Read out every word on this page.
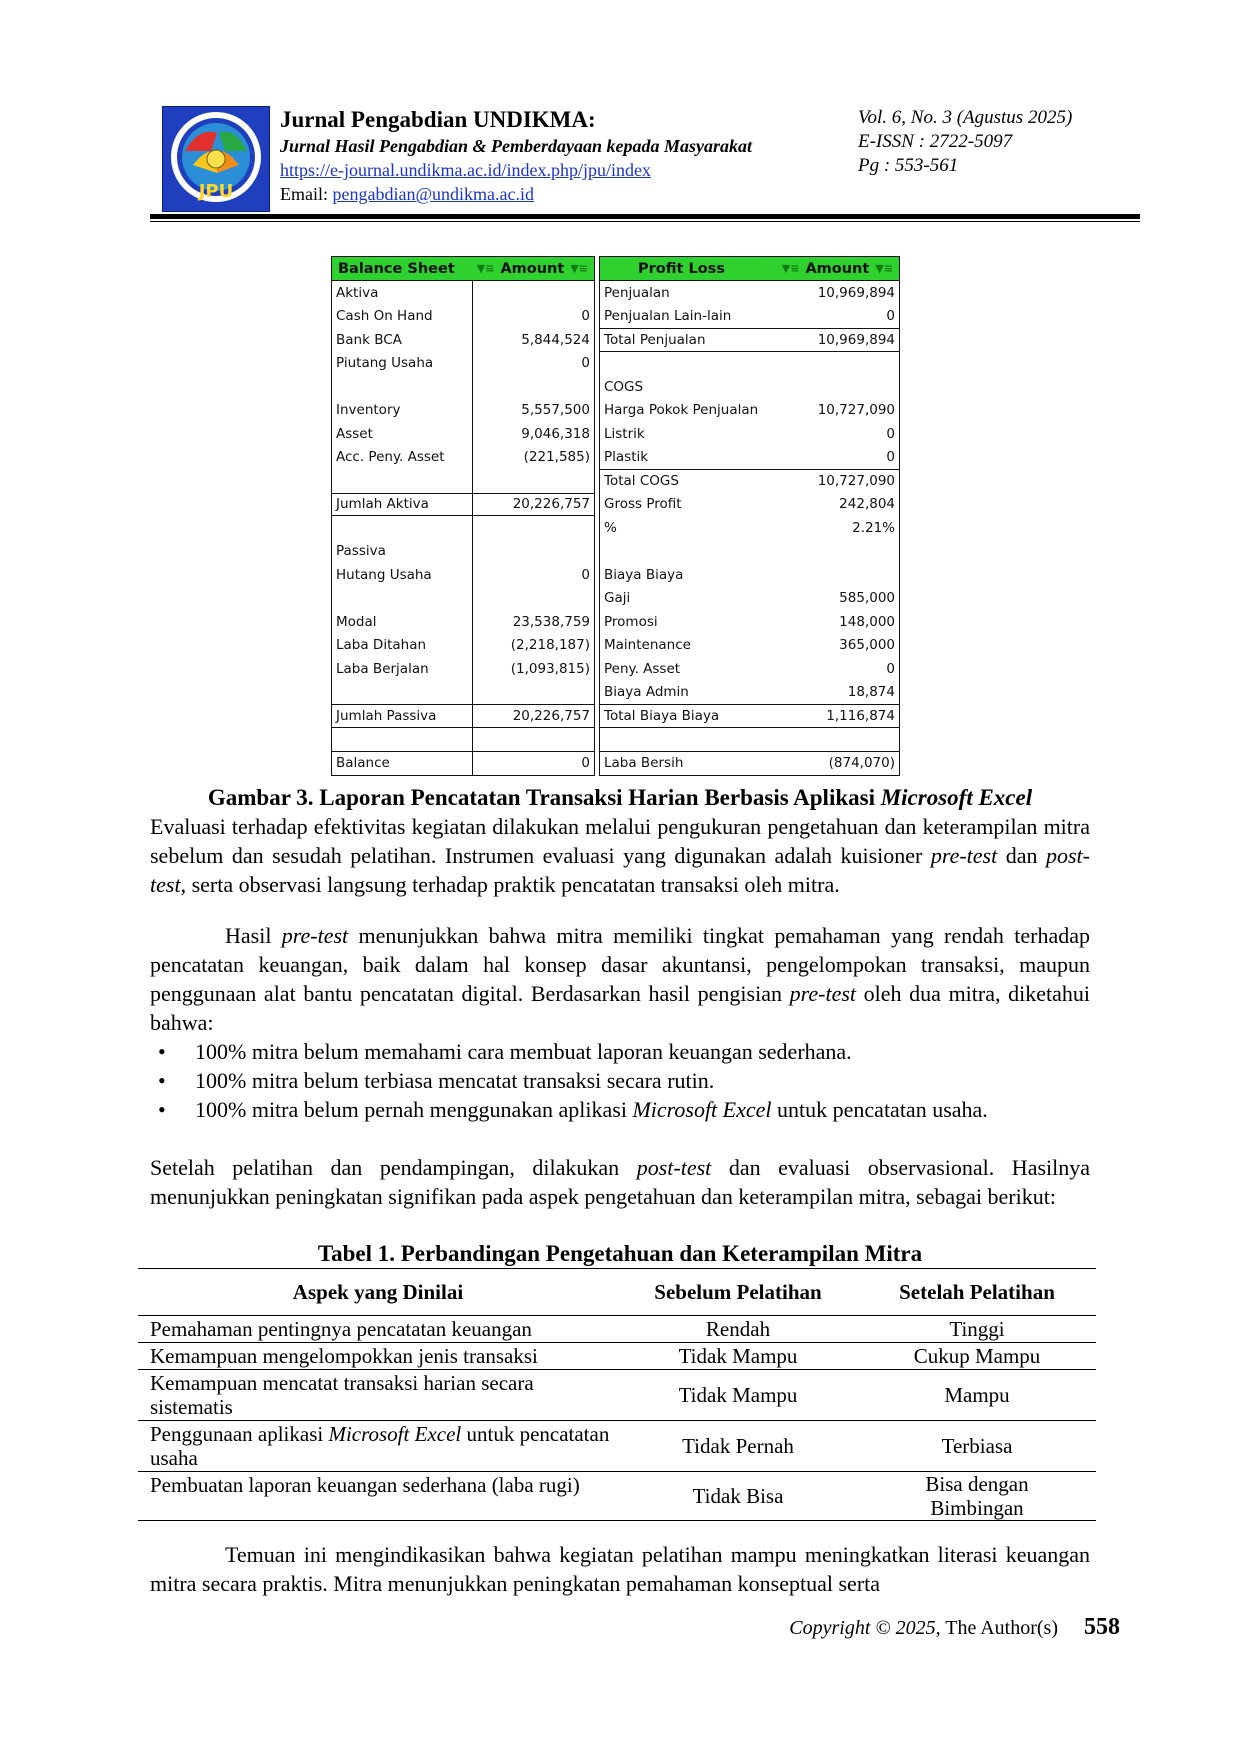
JPU
Jurnal Pengabdian UNDIKMA:
Jurnal Hasil Pengabdian & Pemberdayaan kepada Masyarakat
https://e-journal.undikma.ac.id/index.php/jpu/index
Email: pengabdian@undikma.ac.id
Vol. 6, No. 3 (Agustus 2025)
E-ISSN : 2722-5097
Pg : 553-561
Balance Sheet	▼≡ Amount ▼≡
Aktiva
Cash On Hand	0
Bank BCA	5,844,524
Piutang Usaha	0
Inventory	5,557,500
Asset	9,046,318
Acc. Peny. Asset	(221,585)
Jumlah Aktiva	20,226,757
Passiva
Hutang Usaha	0
Modal	23,538,759
Laba Ditahan	(2,218,187)
Laba Berjalan	(1,093,815)
Jumlah Passiva	20,226,757
Balance	0
Profit Loss	▼≡ Amount ▼≡
Penjualan	10,969,894
Penjualan Lain-lain	0
Total Penjualan	10,969,894
COGS
Harga Pokok Penjualan	10,727,090
Listrik	0
Plastik	0
Total COGS	10,727,090
Gross Profit	242,804
%	2.21%
Biaya Biaya
Gaji	585,000
Promosi	148,000
Maintenance	365,000
Peny. Asset	0
Biaya Admin	18,874
Total Biaya Biaya	1,116,874
Laba Bersih	(874,070)
Gambar 3. Laporan Pencatatan Transaksi Harian Berbasis Aplikasi Microsoft Excel
Evaluasi terhadap efektivitas kegiatan dilakukan melalui pengukuran pengetahuan dan keterampilan mitra sebelum dan sesudah pelatihan. Instrumen evaluasi yang digunakan adalah kuisioner pre-test dan post-test, serta observasi langsung terhadap praktik pencatatan transaksi oleh mitra.
Hasil pre-test menunjukkan bahwa mitra memiliki tingkat pemahaman yang rendah terhadap pencatatan keuangan, baik dalam hal konsep dasar akuntansi, pengelompokan transaksi, maupun penggunaan alat bantu pencatatan digital. Berdasarkan hasil pengisian pre-test oleh dua mitra, diketahui bahwa:
• 100% mitra belum memahami cara membuat laporan keuangan sederhana.
• 100% mitra belum terbiasa mencatat transaksi secara rutin.
• 100% mitra belum pernah menggunakan aplikasi Microsoft Excel untuk pencatatan usaha.
Setelah pelatihan dan pendampingan, dilakukan post-test dan evaluasi observasional. Hasilnya menunjukkan peningkatan signifikan pada aspek pengetahuan dan keterampilan mitra, sebagai berikut:
Tabel 1. Perbandingan Pengetahuan dan Keterampilan Mitra
Aspek yang Dinilai	Sebelum Pelatihan	Setelah Pelatihan
Pemahaman pentingnya pencatatan keuangan	Rendah	Tinggi
Kemampuan mengelompokkan jenis transaksi	Tidak Mampu	Cukup Mampu
Kemampuan mencatat transaksi harian secara sistematis	Tidak Mampu	Mampu
Penggunaan aplikasi Microsoft Excel untuk pencatatan usaha	Tidak Pernah	Terbiasa
Pembuatan laporan keuangan sederhana (laba rugi)	Tidak Bisa	Bisa dengan Bimbingan
Temuan ini mengindikasikan bahwa kegiatan pelatihan mampu meningkatkan literasi keuangan mitra secara praktis. Mitra menunjukkan peningkatan pemahaman konseptual serta
Copyright © 2025, The Author(s) 558
